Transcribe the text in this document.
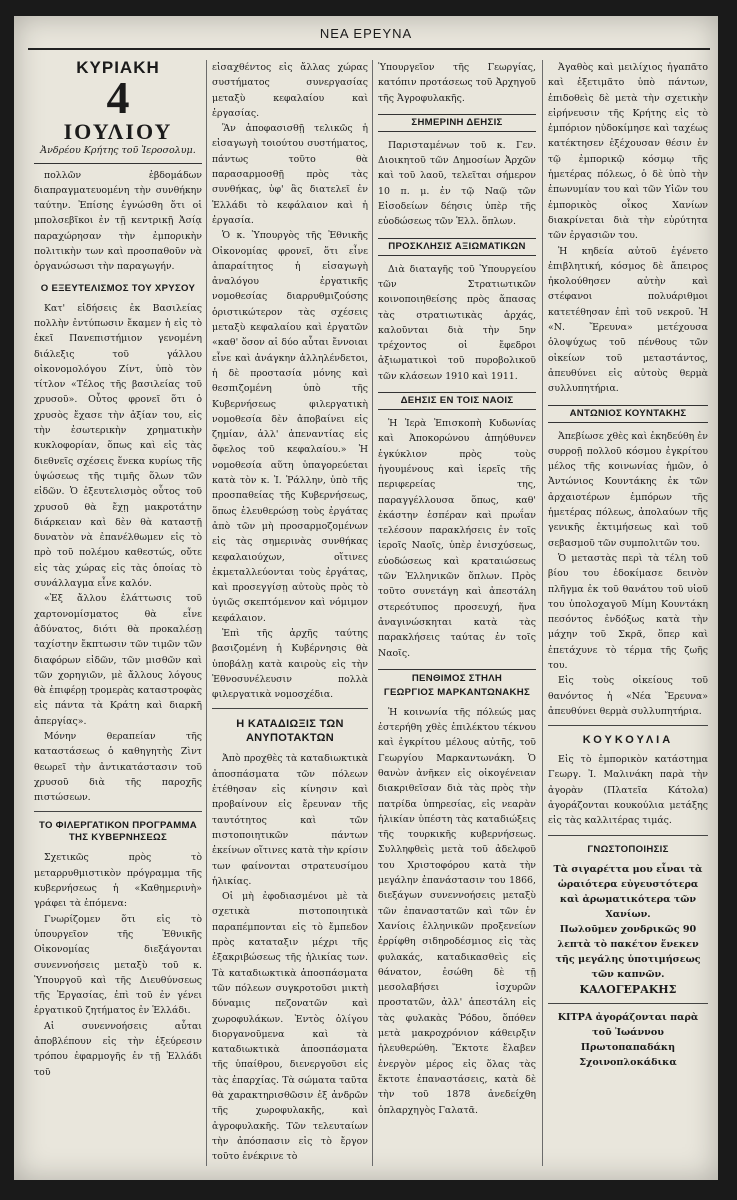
ΝΕΑ ΕΡΕΥΝΑ
ΚΥΡΙΑΚΗ
4
ΙΟΥΛΙΟΥ
Ἀνδρέου Κρήτης τοῦ Ἱεροσολυμ.

πολλῶν ἑβδομάδων διαπραγματευομένη τὴν συνθήκην ταύτην. Ἐπίσης ἐγνώσθη ὅτι οἱ μπολσεβῖκοι ἐν τῇ κεντρικῇ Ἀσίᾳ παραχώρησαν τὴν ἐμπορικὴν πολιτικὴν των καὶ προσπαθοῦν νὰ ὀργανώσωσι τὴν παραγωγήν.

Ο ΕΞΕΥΤΕΛΙΣΜΟΣ ΤΟΥ ΧΡΥΣΟΥ

Κατ' εἰδήσεις ἐκ Βασιλείας πολλὴν ἐντύπωσιν ἔκαμεν ἡ εἰς τὸ ἐκεῖ Πανεπιστήμιον γενομένη διάλεξις τοῦ γάλλου οἰκονομολόγου Ζίντ, ὑπὸ τὸν τίτλον «Τέλος τῆς βασιλείας τοῦ χρυσοῦ». Οὗτος φρονεῖ ὅτι ὁ χρυσὸς ἔχασε τὴν ἀξίαν του, εἰς τὴν ἐσωτερικὴν χρηματικὴν κυκλοφορίαν, ὅπως καὶ εἰς τὰς διεθνεῖς σχέσεις ἕνεκα κυρίως τῆς ὑψώσεως τῆς τιμῆς ὅλων τῶν εἰδῶν. Ὁ ἐξευτελισμὸς οὗτος τοῦ χρυσοῦ θὰ ἔχῃ μακροτάτην διάρκειαν καὶ δὲν θὰ καταστῇ δυνατὸν νὰ ἐπανέλθωμεν εἰς τὸ πρὸ τοῦ πολέμου καθεστώς, οὔτε εἰς τὰς χώρας εἰς τὰς ὁποίας τὸ συνάλλαγμα εἶνε καλόν.

«Ἐξ ἄλλου ἐλάττωσις τοῦ χαρτονομίσματος θὰ εἶνε ἀδύνατος, διότι θὰ προκαλέσῃ ταχίστην ἔκπτωσιν τῶν τιμῶν τῶν διαφόρων εἰδῶν, τῶν μισθῶν καὶ τῶν χορηγιῶν, μὲ ἄλλους λόγους θὰ ἐπιφέρῃ τρομερὰς καταστροφὰς εἰς πάντα τὰ Κράτη καὶ διαρκῆ ἀπεργίας».

Μόνην θεραπείαν τῆς καταστάσεως ὁ καθηγητὴς Ζὶντ θεωρεῖ τὴν ἀντικατάστασιν τοῦ χρυσοῦ διὰ τῆς παροχῆς πιστώσεων.

ΤΟ ΦΙΛΕΡΓΑΤΙΚΟΝ ΠΡΟΓΡΑΜΜΑ ΤΗΣ ΚΥΒΕΡΝΗΣΕΩΣ

Σχετικῶς πρὸς τὸ μεταρρυθμιστικὸν πρόγραμμα τῆς κυβερνήσεως ἡ «Καθημερινὴ» γράφει τὰ ἑπόμενα:

Γνωρίζομεν ὅτι εἰς τὸ ὑπουργεῖον τῆς Ἐθνικῆς Οἰκονομίας διεξάγονται συνεννοήσεις μεταξὺ τοῦ κ. Ὑπουργοῦ καὶ τῆς Διευθύνσεως τῆς Ἐργασίας, ἐπὶ τοῦ ἐν γένει ἐργατικοῦ ζητήματος ἐν Ἑλλάδι.

Αἱ συνεννοήσεις αὗται ἀποβλέπουν εἰς τὴν ἐξεύρεσιν τρόπου ἐφαρμογῆς ἐν τῇ Ἑλλάδι τοῦ

εἰσαχθέντος εἰς ἄλλας χώρας συστήματος συνεργασίας μεταξὺ κεφαλαίου καὶ ἐργασίας.

Ἂν ἀποφασισθῇ τελικῶς ἡ εἰσαγωγὴ τοιούτου συστήματος, πάντως τοῦτο θὰ παρασαρμοσθῇ πρὸς τὰς συνθήκας, ὑφ' ἃς διατελεῖ ἐν Ἑλλάδι τὸ κεφάλαιον καὶ ἡ ἐργασία.

Ὁ κ. Ὑπουργὸς τῆς Ἐθνικῆς Οἰκονομίας φρονεῖ, ὅτι εἶνε ἀπαραίτητος ἡ εἰσαγωγὴ ἀναλόγου ἐργατικῆς νομοθεσίας διαρρυθμιζούσης ὁριστικώτερον τὰς σχέσεις μεταξὺ κεφαλαίου καὶ ἐργατῶν «καθ' ὅσον αἱ δύο αὗται ἔννοιαι εἶνε καὶ ἀνάγκην ἀλληλένδετοι, ἡ δὲ προστασία μόνης καὶ θεσπιζομένη ὑπὸ τῆς Κυβερνήσεως φιλεργατικὴ νομοθεσία δὲν ἀποβαίνει εἰς ζημίαν, ἀλλ' ἀπεναντίας εἰς ὄφελος τοῦ κεφαλαίου.» Ἡ νομοθεσία αὕτη ὑπαγορεύεται κατὰ τὸν κ. Ἰ. Ῥάλλην, ὑπὸ τῆς προσπαθείας τῆς Κυβερνήσεως, ὅπως ἐλευθερώσῃ τοὺς ἐργάτας ἀπὸ τῶν μὴ προσαρμοζομένων εἰς τὰς σημερινὰς συνθήκας κεφαλαιούχων, οἵτινες ἐκμεταλλεύονται τοὺς ἐργάτας, καὶ προσεγγίσῃ αὐτοὺς πρὸς τὸ ὑγιῶς σκεπτόμενον καὶ νόμιμον κεφάλαιον.

Ἐπὶ τῆς ἀρχῆς ταύτης βασιζομένη ἡ Κυβέρνησις θὰ ὑποβάλῃ κατὰ καιροὺς εἰς τὴν Ἐθνοσυνέλευσιν πολλὰ φιλεργατικὰ νομοσχέδια.

Η ΚΑΤΑΔΙΩΞΙΣ ΤΩΝ ΑΝΥΠΟΤΑΚΤΩΝ

Ἀπὸ προχθὲς τὰ καταδιωκτικὰ ἀποσπάσματα τῶν πόλεων ἐτέθησαν εἰς κίνησιν καὶ προβαίνουν εἰς ἔρευναν τῆς ταυτότητος καὶ τῶν πιστοποιητικῶν πάντων ἐκείνων οἵτινες κατὰ τὴν κρίσιν των φαίνονται στρατευσίμου ἡλικίας.

Οἱ μὴ ἐφοδιασμένοι μὲ τὰ σχετικὰ πιστοποιητικὰ παραπέμπονται εἰς τὸ ἔμπεδον πρὸς καταταξιν μέχρι τῆς ἐξακριβώσεως τῆς ἡλικίας των. Τὰ καταδιωκτικὰ ἀποσπάσματα τῶν πόλεων συγκροτοῦσι μικτὴ δύναμις πεζονατῶν καὶ χωροφυλάκων. Ἐντὸς ὀλίγου διοργανοῦμενα καὶ τὰ καταδιωκτικὰ ἀποσπάσματα τῆς ὑπαίθρου, διενεργοῦσι εἰς τὰς ἐπαρχίας. Τὰ σώματα ταῦτα θὰ χαρακτηρισθῶσιν ἐξ ἀνδρῶν τῆς χωροφυλακῆς, καὶ ἀγροφυλακῆς. Τῶν τελευταίων τὴν ἀπόσπασιν εἰς τὸ ἔργον τοῦτο ἐνέκρινε τὸ

Ὑπουργεῖον τῆς Γεωργίας, κατόπιν προτάσεως τοῦ Ἀρχηγοῦ τῆς Ἀγροφυλακῆς.

ΣΗΜΕΡΙΝΗ ΔΕΗΣΙΣ

Παρισταμένων τοῦ κ. Γεν. Διοικητοῦ τῶν Δημοσίων Ἀρχῶν καὶ τοῦ λαοῦ, τελεῖται σήμερον 10 π. μ. ἐν τῷ Ναῷ τῶν Εἰσοδείων δέησις ὑπὲρ τῆς εὐοδώσεως τῶν Ἑλλ. ὅπλων.

ΠΡΟΣΚΛΗΣΙΣ ΑΞΙΩΜΑΤΙΚΩΝ

Διὰ διαταγῆς τοῦ Ὑπουργείου τῶν Στρατιωτικῶν κοινοποιηθείσης πρὸς ἅπασας τὰς στρατιωτικὰς ἀρχάς, καλοῦνται διὰ τὴν 5ην τρέχοντος οἱ ἔφεδροι ἀξιωματικοὶ τοῦ πυροβολικοῦ τῶν κλάσεων 1910 καὶ 1911.

ΔΕΗΣΙΣ ΕΝ ΤΟΙΣ ΝΑΟΙΣ

Ἡ Ἱερὰ Ἐπισκοπὴ Κυδωνίας καὶ Ἀποκορώνου ἀπηύθυνεν ἐγκύκλιον πρὸς τοὺς ἡγουμένους καὶ ἱερεῖς τῆς περιφερείας της, παραγγέλλουσα ὅπως, καθ' ἑκάστην ἑσπέραν καὶ πρωΐαν τελέσουν παρακλήσεις ἐν τοῖς ἱεροῖς Ναοῖς, ὑπὲρ ἐνισχύσεως, εὐοδώσεως καὶ κραταιώσεως τῶν Ἑλληνικῶν ὅπλων. Πρὸς τοῦτο συνετάγη καὶ ἀπεστάλη στερεότυπος προσευχή, ἥνα ἀναγινώσκηται κατὰ τὰς παρακλήσεις ταύτας ἐν τοῖς Ναοῖς.

ΠΕΝΘΙΜΟΣ ΣΤΗΛΗ
ΓΕΩΡΓΙΟΣ ΜΑΡΚΑΝΤΩΝΑΚΗΣ

Ἡ κοινωνία τῆς πόλεώς μας ἐστερήθη χθὲς ἐπιλέκτου τέκνου καὶ ἐγκρίτου μέλους αὐτῆς, τοῦ Γεωργίου Μαρκαντωνάκη. Ὁ θανὼν ἀνῆκεν εἰς οἰκογένειαν διακριθεῖσαν διὰ τὰς πρὸς τὴν πατρίδα ὑπηρεσίας, εἰς νεαρὰν ἡλικίαν ὑπέστη τὰς καταδιώξεις τῆς τουρκικῆς κυβερνήσεως. Συλληφθεὶς μετὰ τοῦ ἀδελφοῦ του Χριστοφόρου κατὰ τὴν μεγάλην ἐπανάστασιν του 1866, διεξάγων συνεννοήσεις μεταξὺ τῶν ἐπαναστατῶν καὶ τῶν ἐν Χανίοις ἑλληνικῶν προξενείων ἐρρίφθη σιδηροδέσμιος εἰς τὰς φυλακάς, καταδικασθεὶς εἰς θάνατον, ἐσώθη δὲ τῇ μεσολαβήσει ἰσχυρῶν προστατῶν, ἀλλ' ἀπεστάλη εἰς τὰς φυλακὰς Ῥόδου, ὅπόθεν μετὰ μακροχρόνιον κάθειρξιν ἠλευθερώθη. Ἔκτοτε ἔλαβεν ἐνεργὸν μέρος εἰς ὅλας τὰς ἔκτοτε ἐπαναστάσεις, κατὰ δὲ τὴν τοῦ 1878 ἀνεδείχθη ὁπλαρχηγὸς Γαλατᾶ.

Ἀγαθὸς καὶ μειλίχιος ἠγαπᾶτο καὶ ἐξετιμᾶτο ὑπὸ πάντων, ἐπιδοθεὶς δὲ μετὰ τὴν σχετικὴν εἰρήνευσιν τῆς Κρήτης εἰς τὸ ἐμπόριον ηὐδοκίμησε καὶ ταχέως κατέκτησεν ἐξέχουσαν θέσιν ἐν τῷ ἐμπορικῷ κόσμῳ τῆς ἡμετέρας πόλεως, ὁ δὲ ὑπὸ τὴν ἐπωνυμίαν του καὶ τῶν Υἱῶν του ἐμπορικὸς οἶκος Χανίων διακρίνεται διὰ τὴν εὐρύτητα τῶν ἐργασιῶν του.

Ἡ κηδεία αὐτοῦ ἐγένετο ἐπιβλητική, κόσμος δὲ ἄπειρος ἠκολούθησεν αὐτὴν καὶ στέφανοι πολυάριθμοι κατετέθησαν ἐπὶ τοῦ νεκροῦ. Ἡ «Ν. Ἔρευνα» μετέχουσα ὁλοψύχως τοῦ πένθους τῶν οἰκείων τοῦ μεταστάντος, ἀπευθύνει εἰς αὐτοὺς θερμὰ συλλυπητήρια.

ΑΝΤΩΝΙΟΣ ΚΟΥΝΤΑΚΗΣ

Ἀπεβίωσε χθὲς καὶ ἐκηδεύθη ἐν συρροῇ πολλοῦ κόσμου ἐγκρίτου μέλος τῆς κοινωνίας ἡμῶν, ὁ Ἀντώνιος Κουντάκης ἐκ τῶν ἀρχαιοτέρων ἐμπόρων τῆς ἡμετέρας πόλεως, ἀπολαύων τῆς γενικῆς ἐκτιμήσεως καὶ τοῦ σεβασμοῦ τῶν συμπολιτῶν του.

Ὁ μεταστὰς περὶ τὰ τέλη τοῦ βίου του ἐδοκίμασε δεινὸν πλῆγμα ἐκ τοῦ θανάτου τοῦ υἱοῦ του ὑπολοχαγοῦ Μίμη Κουντάκη πεσόντος ἐνδόξως κατὰ τὴν μάχην τοῦ Σκρᾶ, ὅπερ καὶ ἐπετάχυνε τὸ τέρμα τῆς ζωῆς του.

Εἰς τοὺς οἰκείους τοῦ θανόντος ἡ «Νέα Ἔρευνα» ἀπευθύνει θερμὰ συλλυπητήρια.

ΚΟΥΚΟΥΛΙΑ

Εἰς τὸ ἐμπορικὸν κατάστημα Γεωργ. Ἰ. Μαλινάκη παρὰ τὴν ἀγορὰν (Πλατεῖα Κάτολα) ἀγοράζονται κουκούλια μετάξης εἰς τὰς καλλιτέρας τιμάς.

ΓΝΩΣΤΟΠΟΙΗΣΙΣ

Τὰ σιγαρέττα μου εἶναι τὰ ὡραιότερα εὐγευστότερα καὶ ἀρωματικότερα τῶν Χανίων.

Πωλοῦμεν χονδρικῶς 90 λεπτὰ τὸ πακέτον ἕνεκεν τῆς μεγάλης ὑποτιμήσεως τῶν καπνῶν.

ΚΑΛΟΓΕΡΑΚΗΣ

ΚΙΤΡΑ ἀγοράζονται παρὰ τοῦ Ἰωάννου Πρωτοπαπαδάκη Σχοινοπλοκάδικα
